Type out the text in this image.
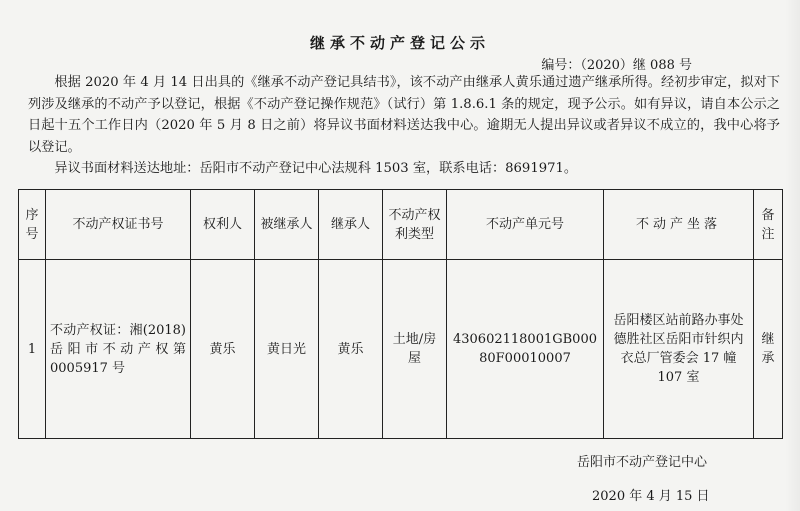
继承不动产登记公示
编号：（2020）继 088 号

根据 2020 年 4 月 14 日出具的《继承不动产登记具结书》，该不动产由继承人黄乐通过遗产继承所得。经初步审定，拟对下列涉及继承的不动产予以登记，根据《不动产登记操作规范》（试行）第 1.8.6.1 条的规定，现予公示。如有异议，请自本公示之日起十五个工作日内（2020 年 5 月 8 日之前）将异议书面材料送达我中心。逾期无人提出异议或者异议不成立的，我中心将予以登记。

异议书面材料送达地址：岳阳市不动产登记中心法规科 1503 室，联系电话：8691971。

序号	不动产权证书号	权利人	被继承人	继承人	不动产权利类型	不动产单元号	不动产坐落	备注
1	不动产权证：湘(2018)岳阳市不动产权第 0005917 号	黄乐	黄日光	黄乐	土地/房屋	430602118001GB00080F00010007	岳阳楼区站前路办事处德胜社区岳阳市针织内衣总厂管委会 17 幢 107 室	继承
岳阳市不动产登记中心
2020 年 4 月 15 日
